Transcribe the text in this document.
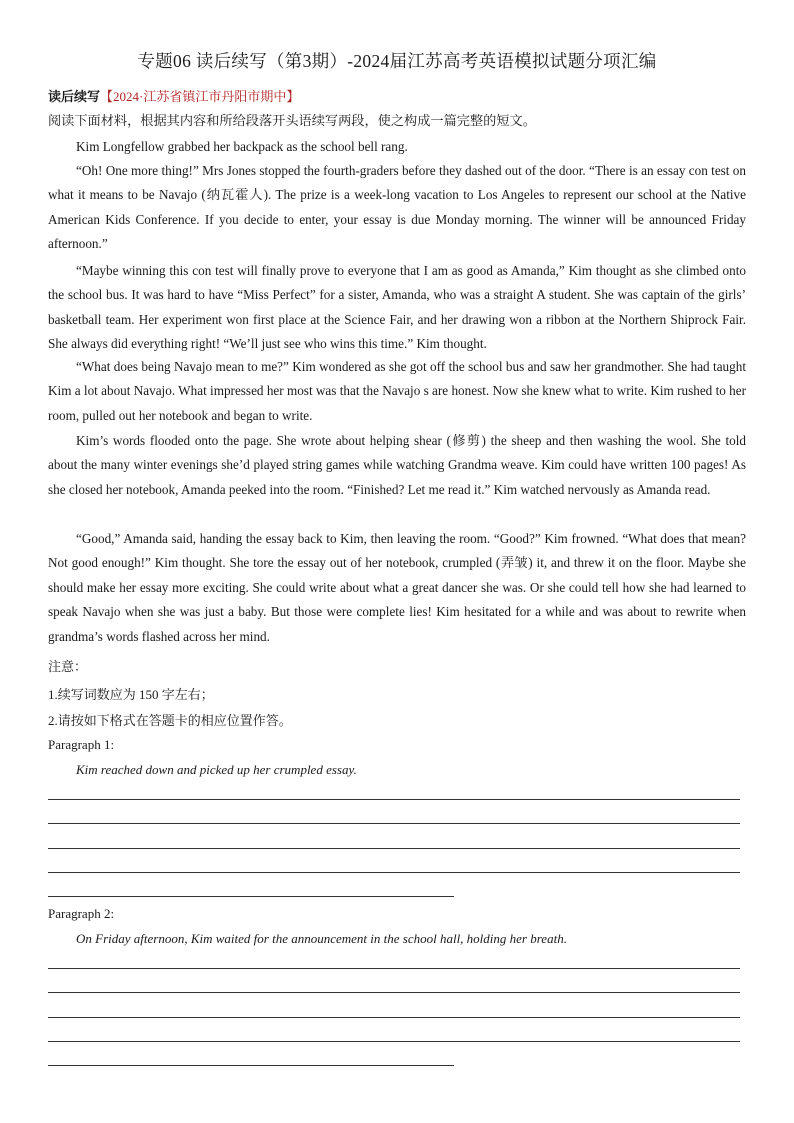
专题06 读后续写（第3期）-2024届江苏高考英语模拟试题分项汇编
读后续写【2024·江苏省镇江市丹阳市期中】
阅读下面材料，根据其内容和所给段落开头语续写两段，使之构成一篇完整的短文。
Kim Longfellow grabbed her backpack as the school bell rang.
“Oh! One more thing!” Mrs Jones stopped the fourth-graders before they dashed out of the door. “There is an essay con test on what it means to be Navajo (纳瓦霍人). The prize is a week-long vacation to Los Angeles to represent our school at the Native American Kids Conference. If you decide to enter, your essay is due Monday morning. The winner will be announced Friday afternoon.”
“Maybe winning this con test will finally prove to everyone that I am as good as Amanda,” Kim thought as she climbed onto the school bus. It was hard to have “Miss Perfect” for a sister, Amanda, who was a straight A student. She was captain of the girls’ basketball team. Her experiment won first place at the Science Fair, and her drawing won a ribbon at the Northern Shiprock Fair. She always did everything right! “We’ll just see who wins this time.” Kim thought.
“What does being Navajo mean to me?” Kim wondered as she got off the school bus and saw her grandmother. She had taught Kim a lot about Navajo. What impressed her most was that the Navajo s are honest. Now she knew what to write. Kim rushed to her room, pulled out her notebook and began to write.
Kim’s words flooded onto the page. She wrote about helping shear (修剪) the sheep and then washing the wool. She told about the many winter evenings she’d played string games while watching Grandma weave. Kim could have written 100 pages! As she closed her notebook, Amanda peeked into the room. “Finished? Let me read it.” Kim watched nervously as Amanda read.
“Good,” Amanda said, handing the essay back to Kim, then leaving the room. “Good?” Kim frowned. “What does that mean? Not good enough!” Kim thought. She tore the essay out of her notebook, crumpled (弄皱) it, and threw it on the floor. Maybe she should make her essay more exciting. She could write about what a great dancer she was. Or she could tell how she had learned to speak Navajo when she was just a baby. But those were complete lies! Kim hesitated for a while and was about to rewrite when grandma’s words flashed across her mind.
注意：
1.续写词数应为 150 字左右；
2.请按如下格式在答题卡的相应位置作答。
Paragraph 1:
Kim reached down and picked up her crumpled essay.
Paragraph 2:
On Friday afternoon, Kim waited for the announcement in the school hall, holding her breath.
